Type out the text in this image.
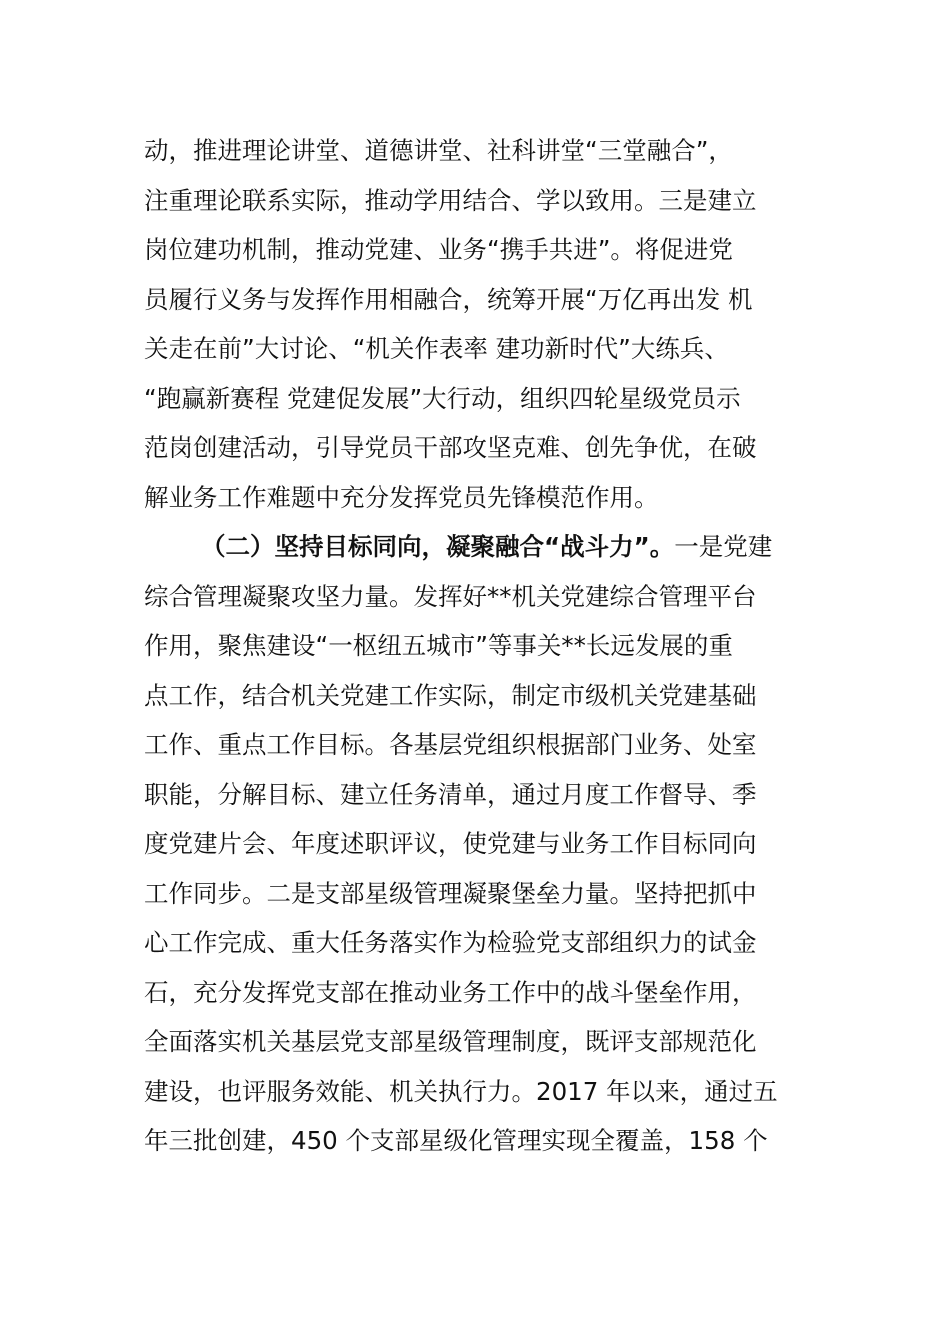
动，推进理论讲堂、道德讲堂、社科讲堂“三堂融合”，
注重理论联系实际，推动学用结合、学以致用。三是建立
岗位建功机制，推动党建、业务“携手共进”。将促进党
员履行义务与发挥作用相融合，统筹开展“万亿再出发 机
关走在前”大讨论、“机关作表率 建功新时代”大练兵、
“跑赢新赛程 党建促发展”大行动，组织四轮星级党员示
范岗创建活动，引导党员干部攻坚克难、创先争优，在破
解业务工作难题中充分发挥党员先锋模范作用。
（二）坚持目标同向，凝聚融合“战斗力”。一是党建
综合管理凝聚攻坚力量。发挥好**机关党建综合管理平台
作用，聚焦建设“一枢纽五城市”等事关**长远发展的重
点工作，结合机关党建工作实际，制定市级机关党建基础
工作、重点工作目标。各基层党组织根据部门业务、处室
职能，分解目标、建立任务清单，通过月度工作督导、季
度党建片会、年度述职评议，使党建与业务工作目标同向
工作同步。二是支部星级管理凝聚堡垒力量。坚持把抓中
心工作完成、重大任务落实作为检验党支部组织力的试金
石，充分发挥党支部在推动业务工作中的战斗堡垒作用，
全面落实机关基层党支部星级管理制度，既评支部规范化
建设，也评服务效能、机关执行力。2017 年以来，通过五
年三批创建，450 个支部星级化管理实现全覆盖，158 个
